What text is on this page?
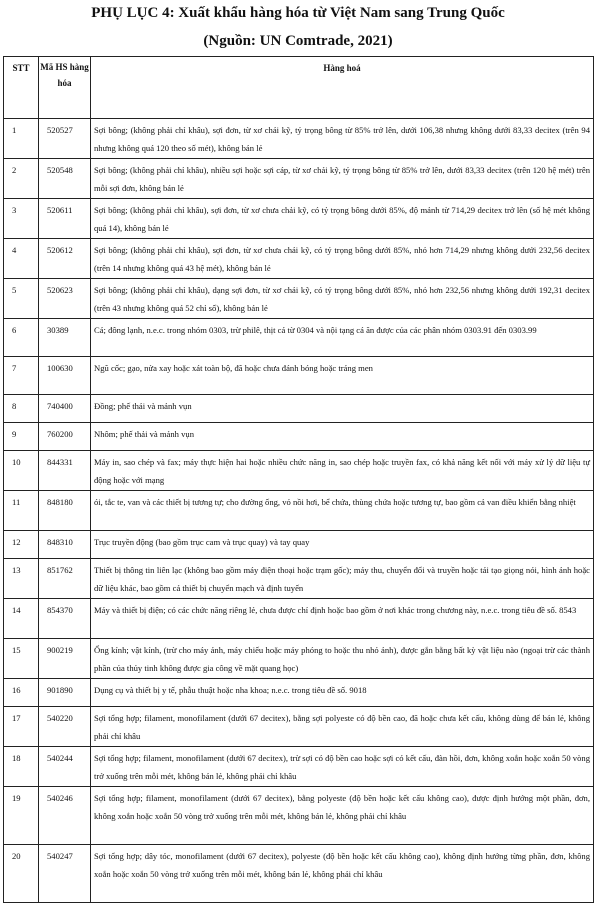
PHỤ LỤC 4: Xuất khẩu hàng hóa từ Việt Nam sang Trung Quốc
(Nguồn: UN Comtrade, 2021)
STT	Mã HS hàng hóa	Hàng hoá
1	520527	Sợi bông; (không phải chỉ khâu), sợi đơn, từ xơ chải kỹ, tỷ trọng bông từ 85% trở lên, dưới 106,38 nhưng không dưới 83,33 decitex (trên 94 nhưng không quá 120 theo số mét), không bán lẻ
2	520548	Sợi bông; (không phải chỉ khâu), nhiều sợi hoặc sợi cáp, từ xơ chải kỹ, tỷ trọng bông từ 85% trở lên, dưới 83,33 decitex (trên 120 hệ mét) trên mỗi sợi đơn, không bán lẻ
3	520611	Sợi bông; (không phải chỉ khâu), sợi đơn, từ xơ chưa chải kỹ, có tỷ trọng bông dưới 85%, độ mảnh từ 714,29 decitex trở lên (số hệ mét không quá 14), không bán lẻ
4	520612	Sợi bông; (không phải chỉ khâu), sợi đơn, từ xơ chưa chải kỹ, có tỷ trọng bông dưới 85%, nhỏ hơn 714,29 nhưng không dưới 232,56 decitex (trên 14 nhưng không quá 43 hệ mét), không bán lẻ
5	520623	Sợi bông; (không phải chỉ khâu), dạng sợi đơn, từ xơ chải kỹ, có tỷ trọng bông dưới 85%, nhỏ hơn 232,56 nhưng không dưới 192,31 decitex (trên 43 nhưng không quá 52 chỉ số), không bán lẻ
6	30389	Cá; đông lạnh, n.e.c. trong nhóm 0303, trừ philê, thịt cá từ 0304 và nội tạng cá ăn được của các phân nhóm 0303.91 đến 0303.99
7	100630	Ngũ cốc; gạo, nửa xay hoặc xát toàn bộ, đã hoặc chưa đánh bóng hoặc tráng men
8	740400	Đồng; phế thải và mảnh vụn
9	760200	Nhôm; phế thải và mảnh vụn
10	844331	Máy in, sao chép và fax; máy thực hiện hai hoặc nhiều chức năng in, sao chép hoặc truyền fax, có khả năng kết nối với máy xử lý dữ liệu tự động hoặc với mạng
11	848180	ói, tắc te, van và các thiết bị tương tự; cho đường ống, vỏ nồi hơi, bể chứa, thùng chứa hoặc tương tự, bao gồm cả van điều khiển bằng nhiệt
12	848310	Trục truyền động (bao gồm trục cam và trục quay) và tay quay
13	851762	Thiết bị thông tin liên lạc (không bao gồm máy điện thoại hoặc trạm gốc); máy thu, chuyển đổi và truyền hoặc tái tạo giọng nói, hình ảnh hoặc dữ liệu khác, bao gồm cả thiết bị chuyển mạch và định tuyến
14	854370	Máy và thiết bị điện; có các chức năng riêng lẻ, chưa được chỉ định hoặc bao gồm ở nơi khác trong chương này, n.e.c. trong tiêu đề số. 8543
15	900219	Ống kính; vật kính, (trừ cho máy ảnh, máy chiếu hoặc máy phóng to hoặc thu nhỏ ảnh), được gắn bằng bất kỳ vật liệu nào (ngoại trừ các thành phần của thủy tinh không được gia công về mặt quang học)
16	901890	Dụng cụ và thiết bị y tế, phẫu thuật hoặc nha khoa; n.e.c. trong tiêu đề số. 9018
17	540220	Sợi tổng hợp; filament, monofilament (dưới 67 decitex), bằng sợi polyeste có độ bền cao, đã hoặc chưa kết cấu, không dùng để bán lẻ, không phải chỉ khâu
18	540244	Sợi tổng hợp; filament, monofilament (dưới 67 decitex), trừ sợi có độ bền cao hoặc sợi có kết cấu, đàn hồi, đơn, không xoắn hoặc xoắn 50 vòng trở xuống trên mỗi mét, không bán lẻ, không phải chỉ khâu
19	540246	Sợi tổng hợp; filament, monofilament (dưới 67 decitex), bằng polyeste (độ bền hoặc kết cấu không cao), được định hướng một phần, đơn, không xoắn hoặc xoắn 50 vòng trở xuống trên mỗi mét, không bán lẻ, không phải chỉ khâu
20	540247	Sợi tổng hợp; dây tóc, monofilament (dưới 67 decitex), polyeste (độ bền hoặc kết cấu không cao), không định hướng từng phần, đơn, không xoắn hoặc xoắn 50 vòng trở xuống trên mỗi mét, không bán lẻ, không phải chỉ khâu
